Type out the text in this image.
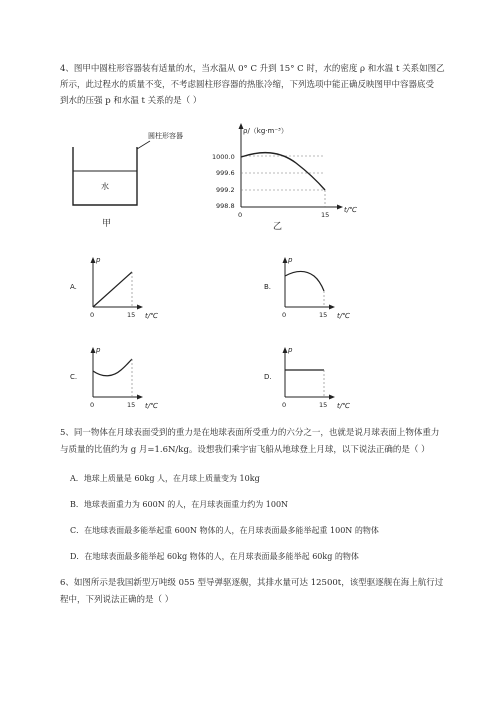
4、图甲中圆柱形容器装有适量的水，当水温从 0° C 升到 15° C 时，水的密度 ρ 和水温 t 关系如图乙
所示，此过程水的质量不变，不考虑圆柱形容器的热胀冷缩，下列选项中能正确反映图甲中容器底受
到水的压强 p 和水温 t 关系的是（ ）
圆柱形容器
水
甲
ρ/（kg·m⁻³）
1000.0
999.6
999.2
998.8
0	15
t/℃
乙
A.
p
0	15 t/℃
B.
p
0	15 t/℃
C.
p
0	15 t/℃
D.
p
0	15 t/℃
5、同一物体在月球表面受到的重力是在地球表面所受重力的六分之一，也就是说月球表面上物体重力
与质量的比值约为 g 月=1.6N/kg。设想我们乘宇宙飞船从地球登上月球，以下说法正确的是（ ）
A．地球上质量是 60kg 人，在月球上质量变为 10kg
B．地球表面重力为 600N 的人，在月球表面重力约为 100N
C．在地球表面最多能举起重 600N 物体的人，在月球表面最多能举起重 100N 的物体
D．在地球表面最多能举起 60kg 物体的人，在月球表面最多能举起 60kg 的物体
6、如图所示是我国新型万吨级 055 型导弹驱逐舰，其排水量可达 12500t，该型驱逐舰在海上航行过
程中，下列说法正确的是（ ）
